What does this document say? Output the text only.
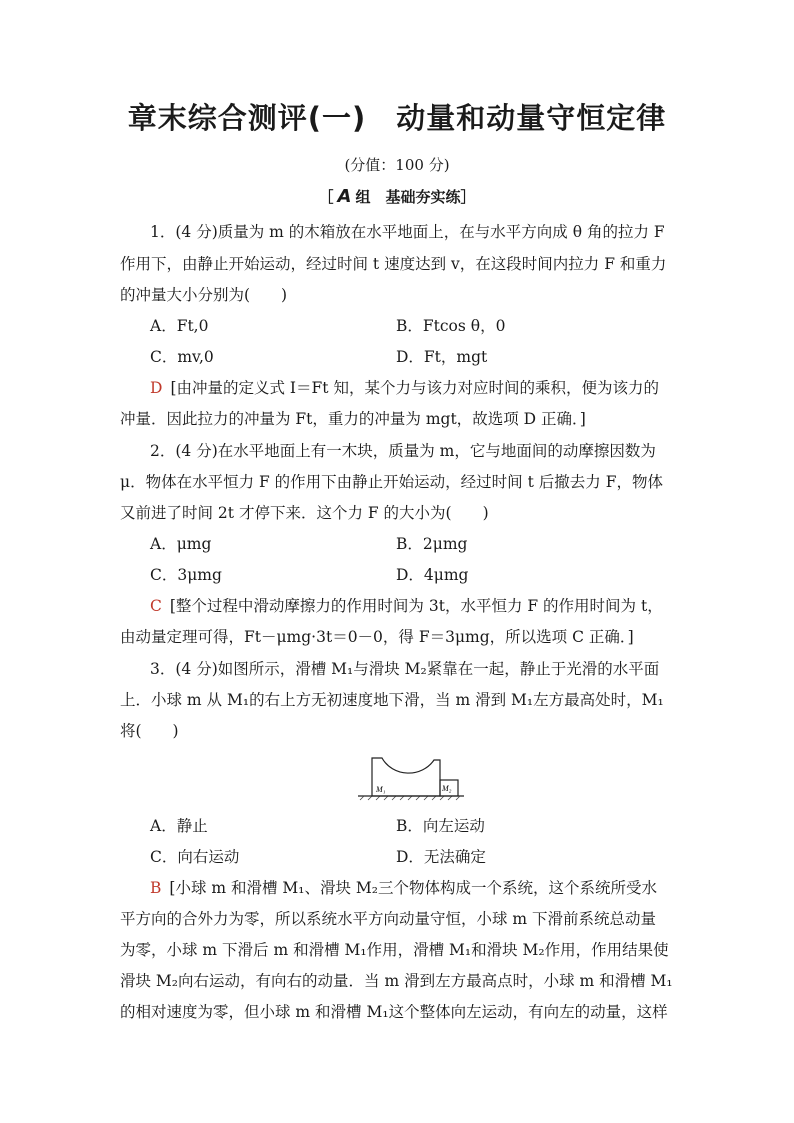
章末综合测评(一)　动量和动量守恒定律
(分值：100 分)
［ A 组　基础夯实练］
1．(4 分)质量为 m 的木箱放在水平地面上，在与水平方向成 θ 角的拉力 F
作用下，由静止开始运动，经过时间 t 速度达到 v，在这段时间内拉力 F 和重力
的冲量大小分别为(　　)
A．Ft,0	B．Ftcos θ，0
C．mv,0	D．Ft，mgt
D [由冲量的定义式 I＝Ft 知，某个力与该力对应时间的乘积，便为该力的
冲量．因此拉力的冲量为 Ft，重力的冲量为 mgt，故选项 D 正确．]
2．(4 分)在水平地面上有一木块，质量为 m，它与地面间的动摩擦因数为
μ．物体在水平恒力 F 的作用下由静止开始运动，经过时间 t 后撤去力 F，物体
又前进了时间 2t 才停下来．这个力 F 的大小为(　　)
A．μmg	B．2μmg
C．3μmg	D．4μmg
C [整个过程中滑动摩擦力的作用时间为 3t，水平恒力 F 的作用时间为 t，
由动量定理可得，Ft－μmg·3t＝0－0，得 F＝3μmg，所以选项 C 正确．]
3．(4 分)如图所示，滑槽 M₁与滑块 M₂紧靠在一起，静止于光滑的水平面
上．小球 m 从 M₁的右上方无初速度地下滑，当 m 滑到 M₁左方最高处时，M₁
将(　　)
M₁	M₂
A．静止	B．向左运动
C．向右运动	D．无法确定
B [小球 m 和滑槽 M₁、滑块 M₂三个物体构成一个系统，这个系统所受水
平方向的合外力为零，所以系统水平方向动量守恒，小球 m 下滑前系统总动量
为零，小球 m 下滑后 m 和滑槽 M₁作用，滑槽 M₁和滑块 M₂作用，作用结果使
滑块 M₂向右运动，有向右的动量．当 m 滑到左方最高点时，小球 m 和滑槽 M₁
的相对速度为零，但小球 m 和滑槽 M₁这个整体向左运动，有向左的动量，这样
